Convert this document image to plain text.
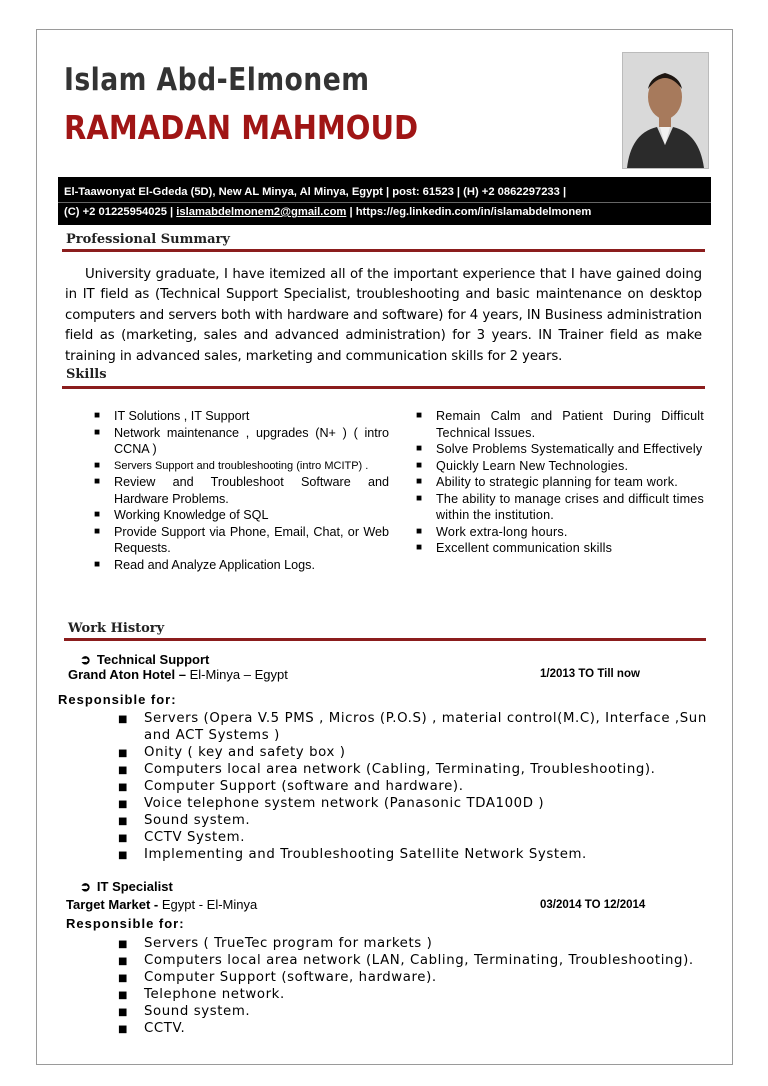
Islam Abd-Elmonem
RAMADAN MAHMOUD
El-Taawonyat El-Gdeda (5D), New AL Minya, Al Minya, Egypt | post: 61523 | (H) +2 0862297233 |
(C) +2 01225954025 | islamabdelmonem2@gmail.com | https://eg.linkedin.com/in/islamabdelmonem
Professional Summary
University graduate, I have itemized all of the important experience that I have gained doing in IT field as (Technical Support Specialist, troubleshooting and basic maintenance on desktop computers and servers both with hardware and software) for 4 years, IN Business administration field as (marketing, sales and advanced administration) for 3 years. IN Trainer field as make training in advanced sales, marketing and communication skills for 2 years.
Skills
■ IT Solutions , IT Support
■ Network maintenance , upgrades (N+ ) ( intro CCNA )
■ Servers Support and troubleshooting (intro MCITP) .
■ Review and Troubleshoot Software and Hardware Problems.
■ Working Knowledge of SQL
■ Provide Support via Phone, Email, Chat, or Web Requests.
■ Read and Analyze Application Logs.
■ Remain Calm and Patient During Difficult Technical Issues.
■ Solve Problems Systematically and Effectively
■ Quickly Learn New Technologies.
■ Ability to strategic planning for team work.
■ The ability to manage crises and difficult times within the institution.
■ Work extra-long hours.
■ Excellent communication skills
Work History
➲ Technical Support
Grand Aton Hotel – El-Minya – Egypt	1/2013 TO Till now
Responsible for:
■ Servers (Opera V.5 PMS , Micros (P.O.S) , material control(M.C), Interface ,Sun and ACT Systems )
■ Onity ( key and safety box )
■ Computers local area network (Cabling, Terminating, Troubleshooting).
■ Computer Support (software and hardware).
■ Voice telephone system network (Panasonic TDA100D )
■ Sound system.
■ CCTV System.
■ Implementing and Troubleshooting Satellite Network System.
➲ IT Specialist
Target Market - Egypt - El-Minya	03/2014 TO 12/2014
Responsible for:
■ Servers ( TrueTec program for markets )
■ Computers local area network (LAN, Cabling, Terminating, Troubleshooting).
■ Computer Support (software, hardware).
■ Telephone network.
■ Sound system.
■ CCTV.
